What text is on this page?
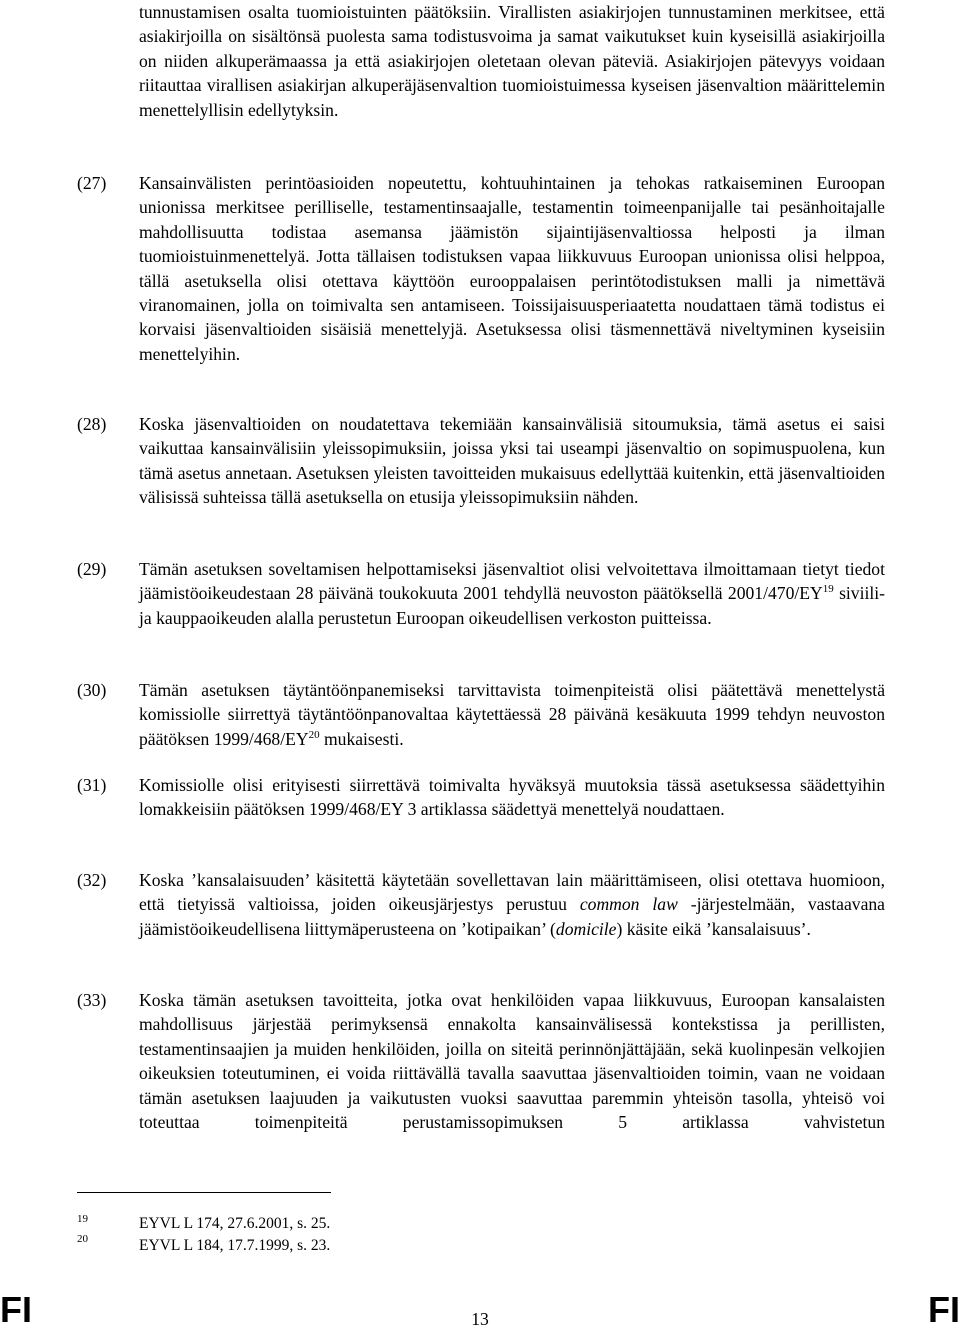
tunnustamisen osalta tuomioistuinten päätöksiin. Virallisten asiakirjojen tunnustaminen merkitsee, että asiakirjoilla on sisältönsä puolesta sama todistusvoima ja samat vaikutukset kuin kyseisillä asiakirjoilla on niiden alkuperämaassa ja että asiakirjojen oletetaan olevan päteviä. Asiakirjojen pätevyys voidaan riitauttaa virallisen asiakirjan alkuperäjäsenvaltion tuomioistuimessa kyseisen jäsenvaltion määrittelemin menettelyllisin edellytyksin.

(27) Kansainvälisten perintöasioiden nopeutettu, kohtuuhintainen ja tehokas ratkaiseminen Euroopan unionissa merkitsee perilliselle, testamentinsaajalle, testamentin toimeenpanijalle tai pesänhoitajalle mahdollisuutta todistaa asemansa jäämistön sijaintijäsenvaltiossa helposti ja ilman tuomioistuinmenettelyä. Jotta tällaisen todistuksen vapaa liikkuvuus Euroopan unionissa olisi helppoa, tällä asetuksella olisi otettava käyttöön eurooppalaisen perintötodistuksen malli ja nimettävä viranomainen, jolla on toimivalta sen antamiseen. Toissijaisuusperiaatetta noudattaen tämä todistus ei korvaisi jäsenvaltioiden sisäisiä menettelyjä. Asetuksessa olisi täsmennettävä niveltyminen kyseisiin menettelyihin.

(28) Koska jäsenvaltioiden on noudatettava tekemiään kansainvälisiä sitoumuksia, tämä asetus ei saisi vaikuttaa kansainvälisiin yleissopimuksiin, joissa yksi tai useampi jäsenvaltio on sopimuspuolena, kun tämä asetus annetaan. Asetuksen yleisten tavoitteiden mukaisuus edellyttää kuitenkin, että jäsenvaltioiden välisissä suhteissa tällä asetuksella on etusija yleissopimuksiin nähden.

(29) Tämän asetuksen soveltamisen helpottamiseksi jäsenvaltiot olisi velvoitettava ilmoittamaan tietyt tiedot jäämistöoikeudestaan 28 päivänä toukokuuta 2001 tehdyllä neuvoston päätöksellä 2001/470/EY$^{19}$ siviili- ja kauppaoikeuden alalla perustetun Euroopan oikeudellisen verkoston puitteissa.

(30) Tämän asetuksen täytäntöönpanemiseksi tarvittavista toimenpiteistä olisi päätettävä menettelystä komissiolle siirrettyä täytäntöönpanovaltaa käytettäessä 28 päivänä kesäkuuta 1999 tehdyn neuvoston päätöksen 1999/468/EY$^{20}$ mukaisesti.

(31) Komissiolle olisi erityisesti siirrettävä toimivalta hyväksyä muutoksia tässä asetuksessa säädettyihin lomakkeisiin päätöksen 1999/468/EY 3 artiklassa säädettyä menettelyä noudattaen.

(32) Koska ’kansalaisuuden’ käsitettä käytetään sovellettavan lain määrittämiseen, olisi otettava huomioon, että tietyissä valtioissa, joiden oikeusjärjestys perustuu common law -järjestelmään, vastaavana jäämistöoikeudellisena liittymäperusteena on ’kotipaikan’ (domicile) käsite eikä ’kansalaisuus’.

(33) Koska tämän asetuksen tavoitteita, jotka ovat henkilöiden vapaa liikkuvuus, Euroopan kansalaisten mahdollisuus järjestää perimyksensä ennakolta kansainvälisessä kontekstissa ja perillisten, testamentinsaajien ja muiden henkilöiden, joilla on siteitä perinnönjättäjään, sekä kuolinpesän velkojien oikeuksien toteutuminen, ei voida riittävällä tavalla saavuttaa jäsenvaltioiden toimin, vaan ne voidaan tämän asetuksen laajuuden ja vaikutusten vuoksi saavuttaa paremmin yhteisön tasolla, yhteisö voi toteuttaa toimenpiteitä perustamissopimuksen 5 artiklassa vahvistetun

19	EYVL L 174, 27.6.2001, s. 25.
20	EYVL L 184, 17.7.1999, s. 23.
FI	13	FI
